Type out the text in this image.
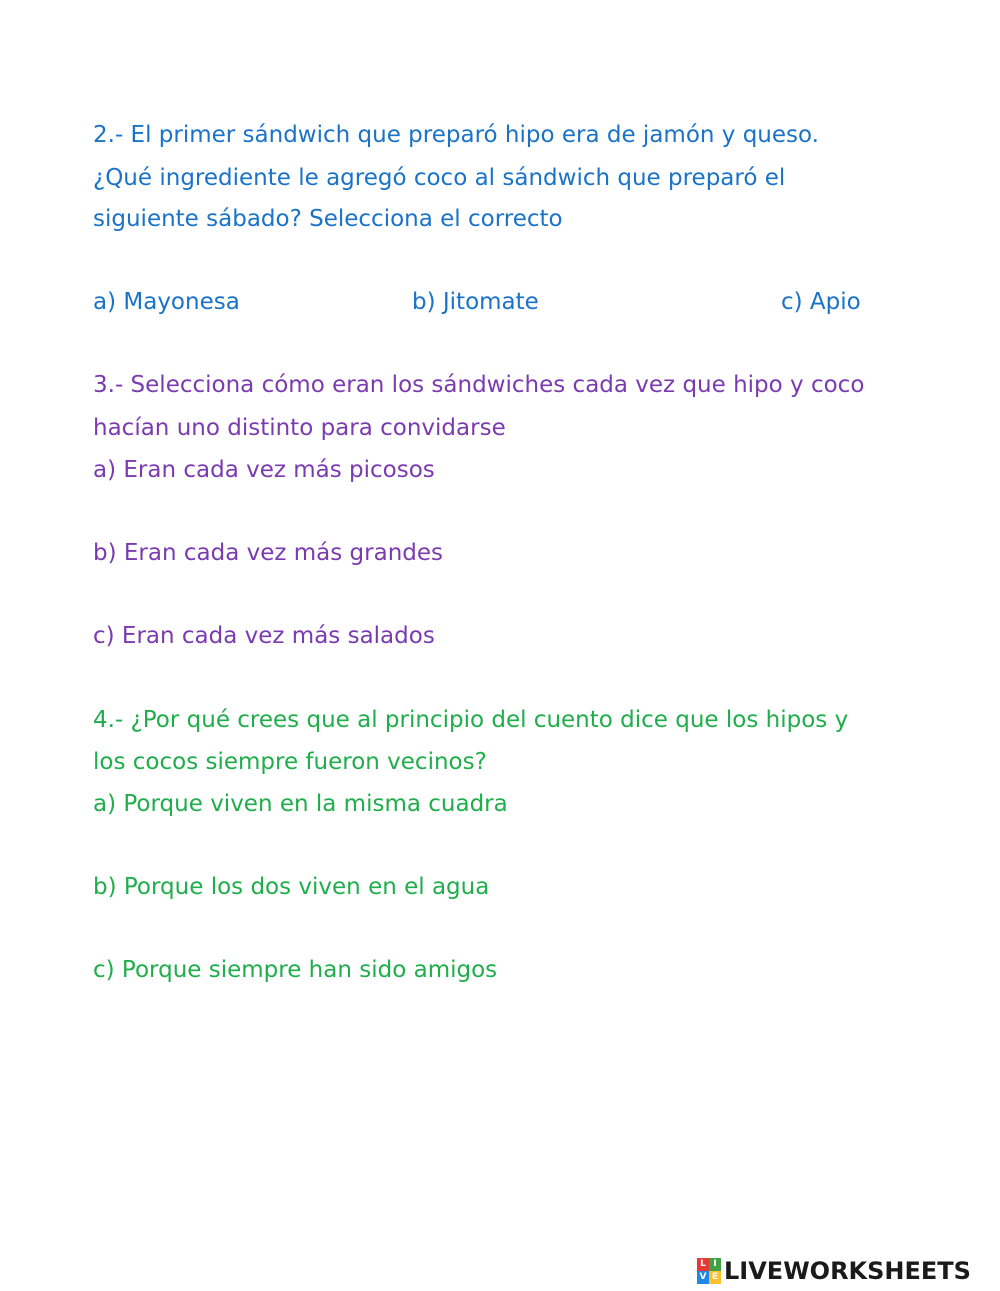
2.- El primer sándwich que preparó hipo era de jamón y queso.

¿Qué ingrediente le agregó coco al sándwich que preparó el

siguiente sábado? Selecciona el correcto

a) Mayonesa	b) Jitomate	c) Apio

3.- Selecciona cómo eran los sándwiches cada vez que hipo y coco

hacían uno distinto para convidarse

a) Eran cada vez más picosos
b) Eran cada vez más grandes
c) Eran cada vez más salados

4.- ¿Por qué crees que al principio del cuento dice que los hipos y

los cocos siempre fueron vecinos?

a) Porque viven en la misma cuadra
b) Porque los dos viven en el agua
c) Porque siempre han sido amigos
L I
V E LIVEWORKSHEETS
